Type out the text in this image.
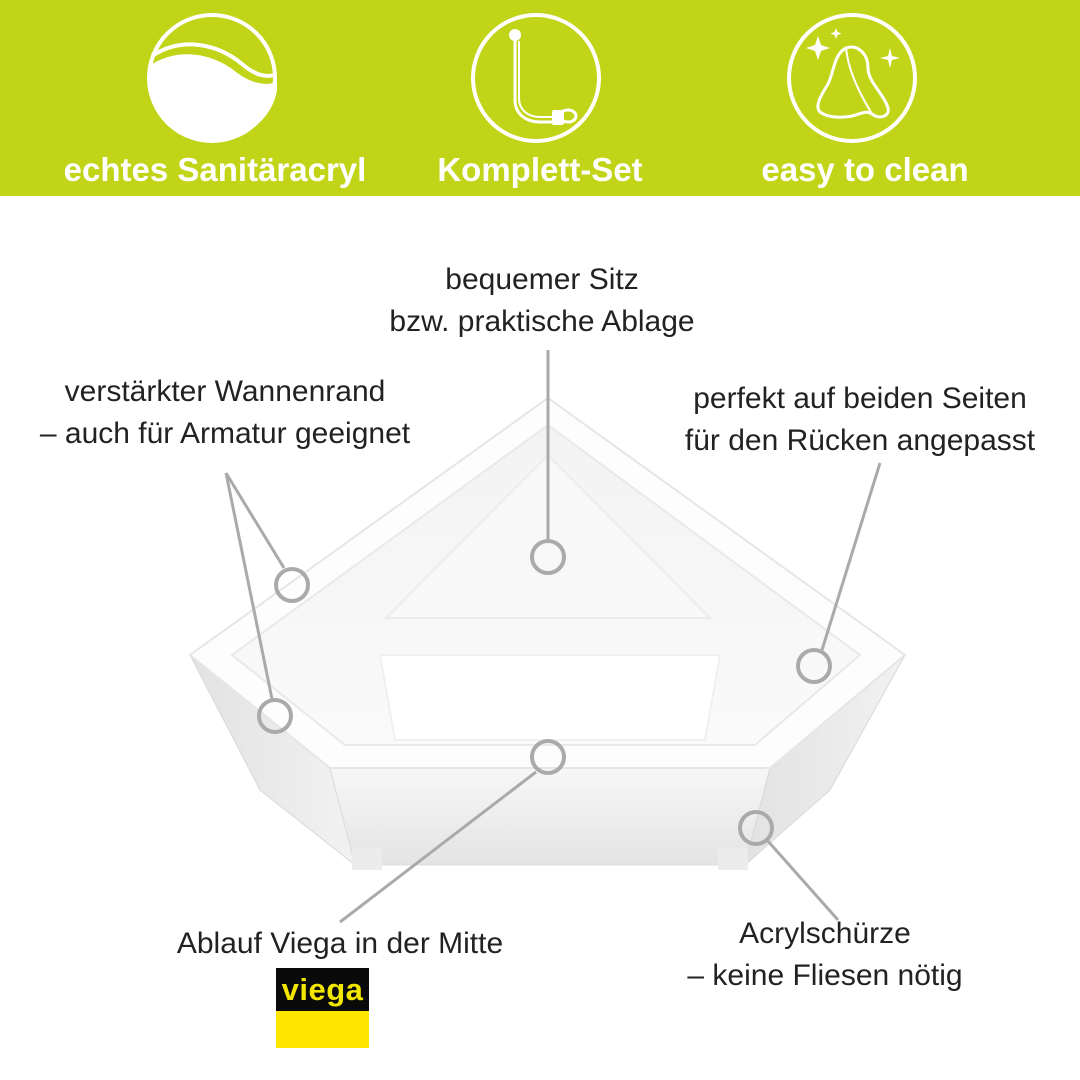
echtes Sanitäracryl	Komplett-Set	easy to clean
bequemer Sitz
bzw. praktische Ablage
verstärkter Wannenrand
– auch für Armatur geeignet
perfekt auf beiden Seiten
für den Rücken angepasst
Ablauf Viega in der Mitte	Acrylschürze
– keine Fliesen nötig
viega
